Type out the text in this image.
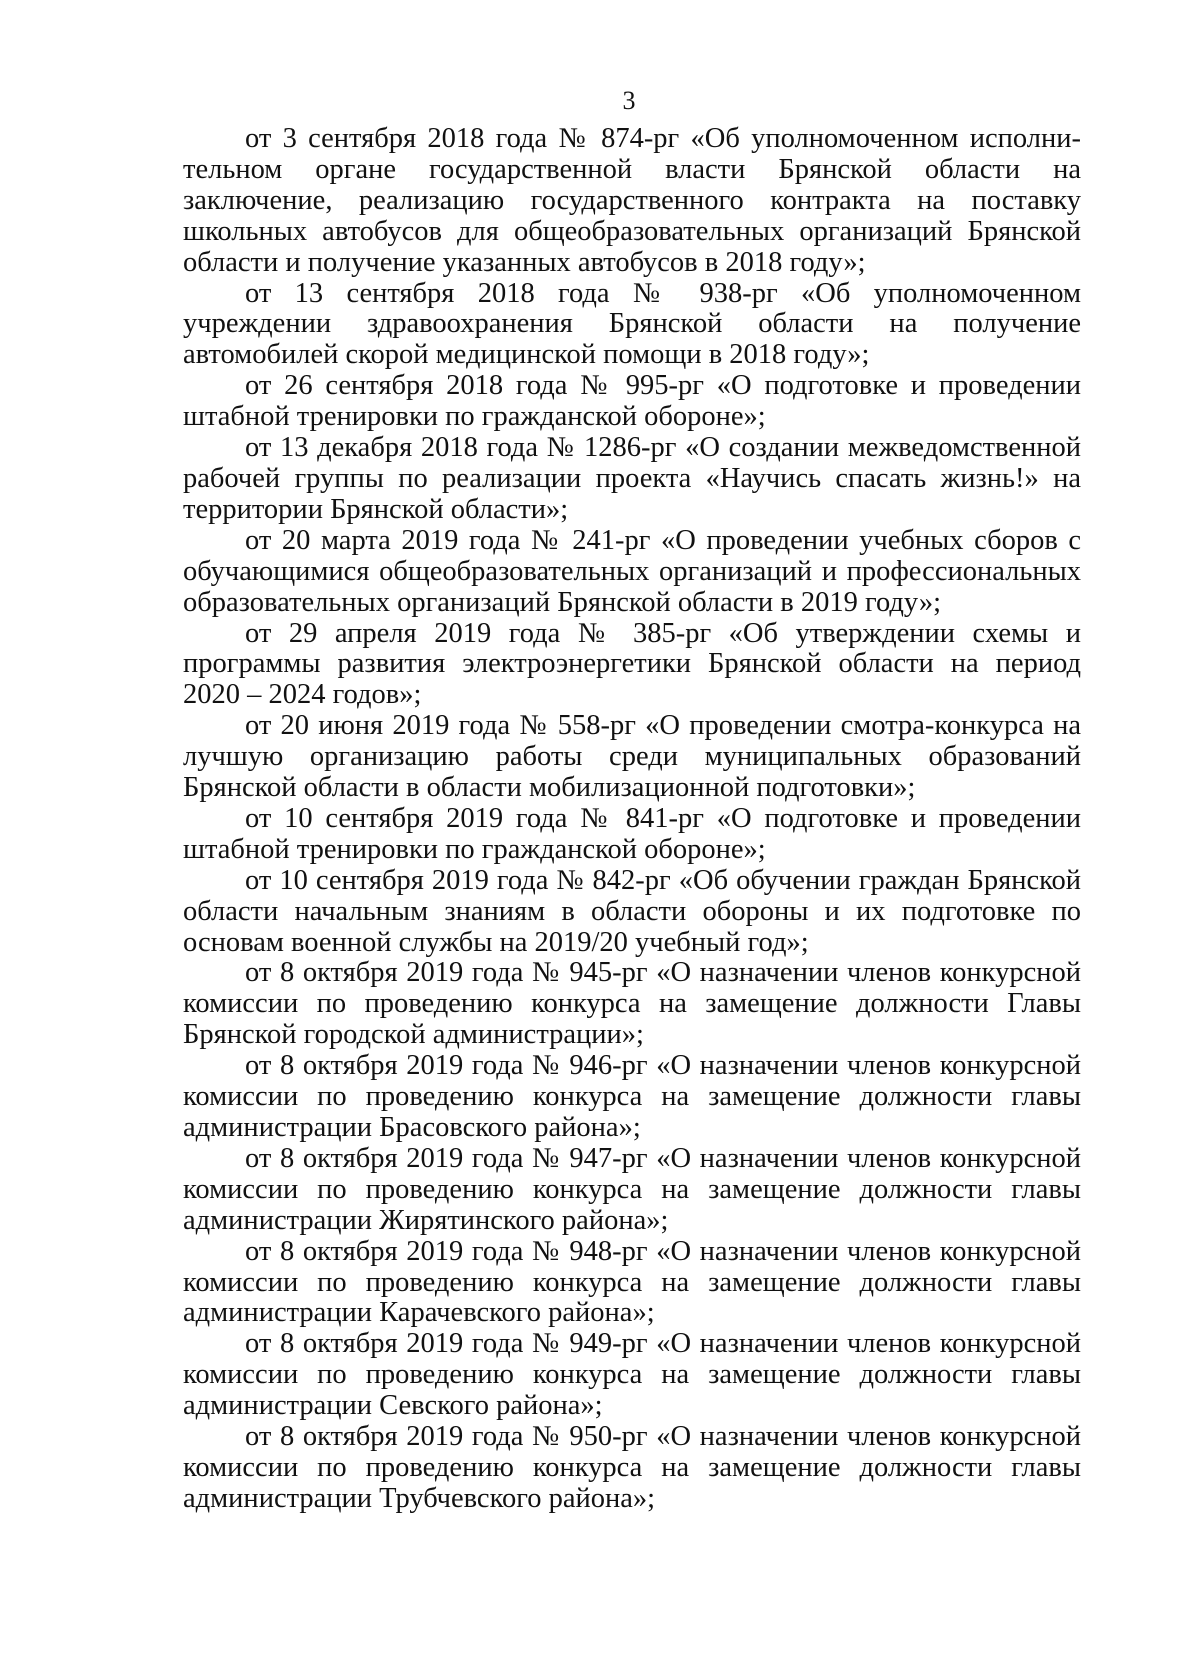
3

от 3 сентября 2018 года № 874-рг «Об уполномоченном исполнительном органе государственной власти Брянской области на заключение, реализацию государственного контракта на поставку школьных автобусов для общеобразовательных организаций Брянской области и получение указанных автобусов в 2018 году»;

от 13 сентября 2018 года № 938-рг «Об уполномоченном учреждении здравоохранения Брянской области на получение автомобилей скорой медицинской помощи в 2018 году»;

от 26 сентября 2018 года № 995-рг «О подготовке и проведении штабной тренировки по гражданской обороне»;

от 13 декабря 2018 года № 1286-рг «О создании межведомственной рабочей группы по реализации проекта «Научись спасать жизнь!» на территории Брянской области»;

от 20 марта 2019 года № 241-рг «О проведении учебных сборов с обучающимися общеобразовательных организаций и профессиональных образовательных организаций Брянской области в 2019 году»;

от 29 апреля 2019 года № 385-рг «Об утверждении схемы и программы развития электроэнергетики Брянской области на период 2020 – 2024 годов»;

от 20 июня 2019 года № 558-рг «О проведении смотра-конкурса на лучшую организацию работы среди муниципальных образований Брянской области в области мобилизационной подготовки»;

от 10 сентября 2019 года № 841-рг «О подготовке и проведении штабной тренировки по гражданской обороне»;

от 10 сентября 2019 года № 842-рг «Об обучении граждан Брянской области начальным знаниям в области обороны и их подготовке по основам военной службы на 2019/20 учебный год»;

от 8 октября 2019 года № 945-рг «О назначении членов конкурсной комиссии по проведению конкурса на замещение должности Главы Брянской городской администрации»;

от 8 октября 2019 года № 946-рг «О назначении членов конкурсной комиссии по проведению конкурса на замещение должности главы администрации Брасовского района»;

от 8 октября 2019 года № 947-рг «О назначении членов конкурсной комиссии по проведению конкурса на замещение должности главы администрации Жирятинского района»;

от 8 октября 2019 года № 948-рг «О назначении членов конкурсной комиссии по проведению конкурса на замещение должности главы администрации Карачевского района»;

от 8 октября 2019 года № 949-рг «О назначении членов конкурсной комиссии по проведению конкурса на замещение должности главы администрации Севского района»;

от 8 октября 2019 года № 950-рг «О назначении членов конкурсной комиссии по проведению конкурса на замещение должности главы администрации Трубчевского района»;
